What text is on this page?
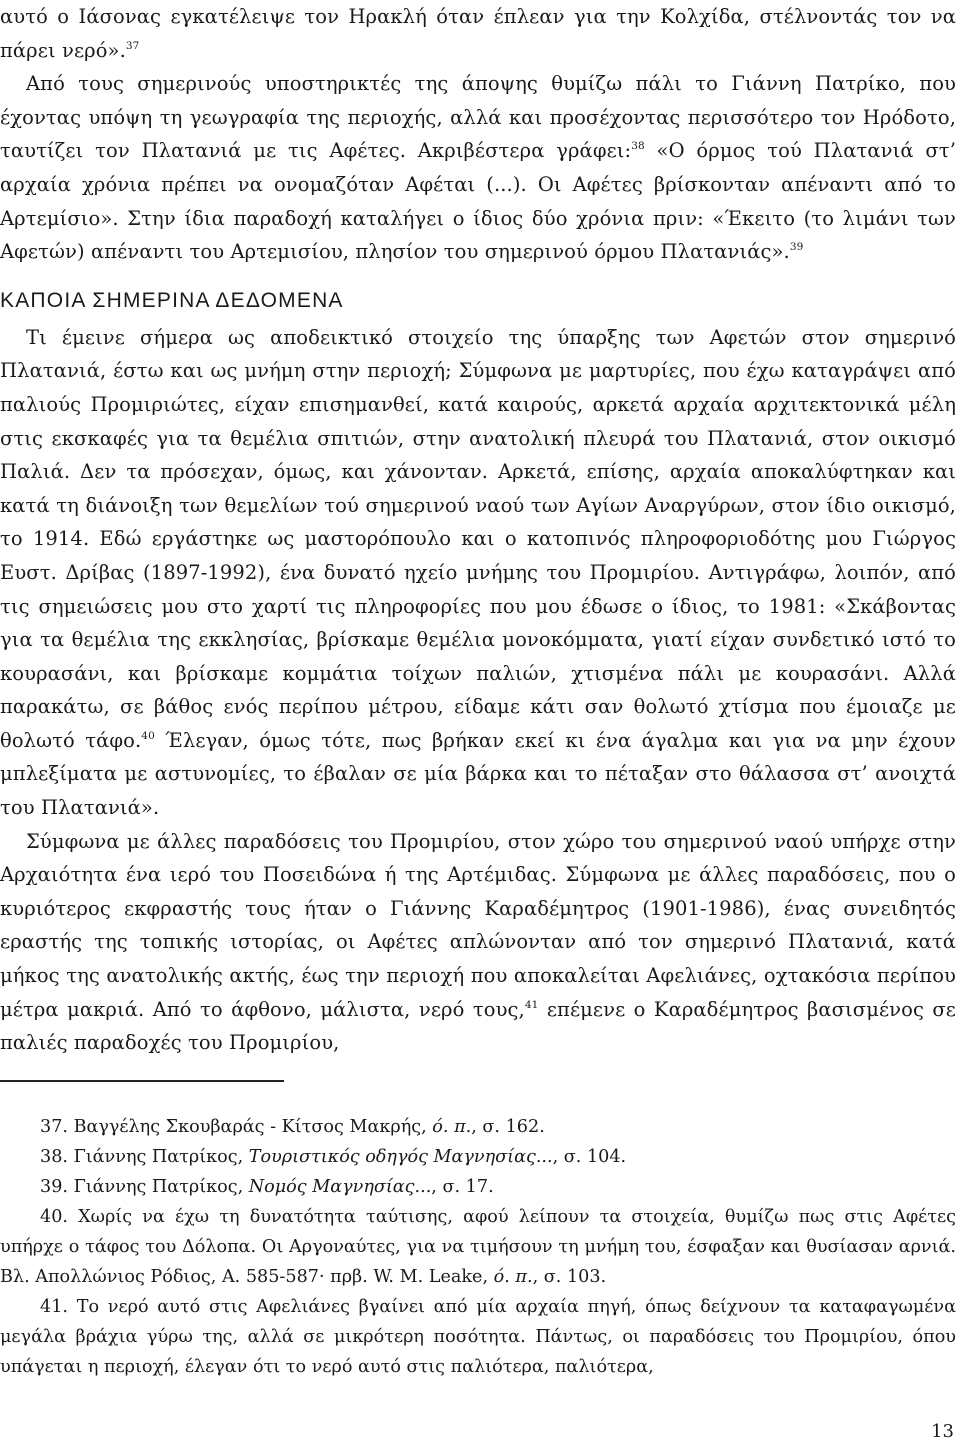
αυτό ο Ιάσονας εγκατέλειψε τον Ηρακλή όταν έπλεαν για την Κολχίδα, στέλνοντάς τον να πάρει νερό».$^{37}$

Από τους σημερινούς υποστηρικτές της άποψης θυμίζω πάλι το Γιάννη Πατρίκο, που έχοντας υπόψη τη γεωγραφία της περιοχής, αλλά και προσέχοντας περισσότερο τον Ηρόδοτο, ταυτίζει τον Πλατανιά με τις Αφέτες. Ακριβέστερα γράφει:$^{38}$ «Ο όρμος τού Πλατανιά στ’ αρχαία χρόνια πρέπει να ονομαζόταν Αφέται (...). Οι Αφέτες βρίσκονταν απέναντι από το Αρτεμίσιο». Στην ίδια παραδοχή καταλήγει ο ίδιος δύο χρόνια πριν: «Έκειτο (το λιμάνι των Αφετών) απέναντι του Αρτεμισίου, πλησίον του σημερινού όρμου Πλατανιάς».$^{39}$

ΚΑΠΟΙΑ ΣΗΜΕΡΙΝΑ ΔΕΔΟΜΕΝΑ

Τι έμεινε σήμερα ως αποδεικτικό στοιχείο της ύπαρξης των Αφετών στον σημερινό Πλατανιά, έστω και ως μνήμη στην περιοχή; Σύμφωνα με μαρτυρίες, που έχω καταγράψει από παλιούς Προμιριώτες, είχαν επισημανθεί, κατά καιρούς, αρκετά αρχαία αρχιτεκτονικά μέλη στις εκσκαφές για τα θεμέλια σπιτιών, στην ανατολική πλευρά του Πλατανιά, στον οικισμό Παλιά. Δεν τα πρόσεχαν, όμως, και χάνονταν. Αρκετά, επίσης, αρχαία αποκαλύφτηκαν και κατά τη διάνοιξη των θεμελίων τού σημερινού ναού των Αγίων Αναργύρων, στον ίδιο οικισμό, το 1914. Εδώ εργάστηκε ως μαστορόπουλο και ο κατοπινός πληροφοριοδότης μου Γιώργος Ευστ. Δρίβας (1897-1992), ένα δυνατό ηχείο μνήμης του Προμιρίου. Αντιγράφω, λοιπόν, από τις σημειώσεις μου στο χαρτί τις πληροφορίες που μου έδωσε ο ίδιος, το 1981: «Σκάβοντας για τα θεμέλια της εκκλησίας, βρίσκαμε θεμέλια μονοκόμματα, γιατί είχαν συνδετικό ιστό το κουρασάνι, και βρίσκαμε κομμάτια τοίχων παλιών, χτισμένα πάλι με κουρασάνι. Αλλά παρακάτω, σε βάθος ενός περίπου μέτρου, είδαμε κάτι σαν θολωτό χτίσμα που έμοιαζε με θολωτό τάφο.$^{40}$ Έλεγαν, όμως τότε, πως βρήκαν εκεί κι ένα άγαλμα και για να μην έχουν μπλεξίματα με αστυνομίες, το έβαλαν σε μία βάρκα και το πέταξαν στο θάλασσα στ’ ανοιχτά του Πλατανιά».

Σύμφωνα με άλλες παραδόσεις του Προμιρίου, στον χώρο του σημερινού ναού υπήρχε στην Αρχαιότητα ένα ιερό του Ποσειδώνα ή της Αρτέμιδας. Σύμφωνα με άλλες παραδόσεις, που ο κυριότερος εκφραστής τους ήταν ο Γιάννης Καραδέμητρος (1901-1986), ένας συνειδητός εραστής της τοπικής ιστορίας, οι Αφέτες απλώνονταν από τον σημερινό Πλατανιά, κατά μήκος της ανατολικής ακτής, έως την περιοχή που αποκαλείται Αφελιάνες, οχτακόσια περίπου μέτρα μακριά. Από το άφθονο, μάλιστα, νερό τους,$^{41}$ επέμενε ο Καραδέμητρος βασισμένος σε παλιές παραδοχές του Προμιρίου,

37. Βαγγέλης Σκουβαράς - Κίτσος Μακρής, ό. π., σ. 162.

38. Γιάννης Πατρίκος, Τουριστικός οδηγός Μαγνησίας..., σ. 104.

39. Γιάννης Πατρίκος, Νομός Μαγνησίας..., σ. 17.

40. Χωρίς να έχω τη δυνατότητα ταύτισης, αφού λείπουν τα στοιχεία, θυμίζω πως στις Αφέτες υπήρχε ο τάφος του Δόλοπα. Οι Αργοναύτες, για να τιμήσουν τη μνήμη του, έσφαξαν και θυσίασαν αρνιά. Βλ. Απολλώνιος Ρόδιος, Α. 585-587· πρβ. W. M. Leake, ό. π., σ. 103.

41. Το νερό αυτό στις Αφελιάνες βγαίνει από μία αρχαία πηγή, όπως δείχνουν τα καταφαγωμένα μεγάλα βράχια γύρω της, αλλά σε μικρότερη ποσότητα. Πάντως, οι παραδόσεις του Προμιρίου, όπου υπάγεται η περιοχή, έλεγαν ότι το νερό αυτό στις παλιότερα, παλιότερα,

13
